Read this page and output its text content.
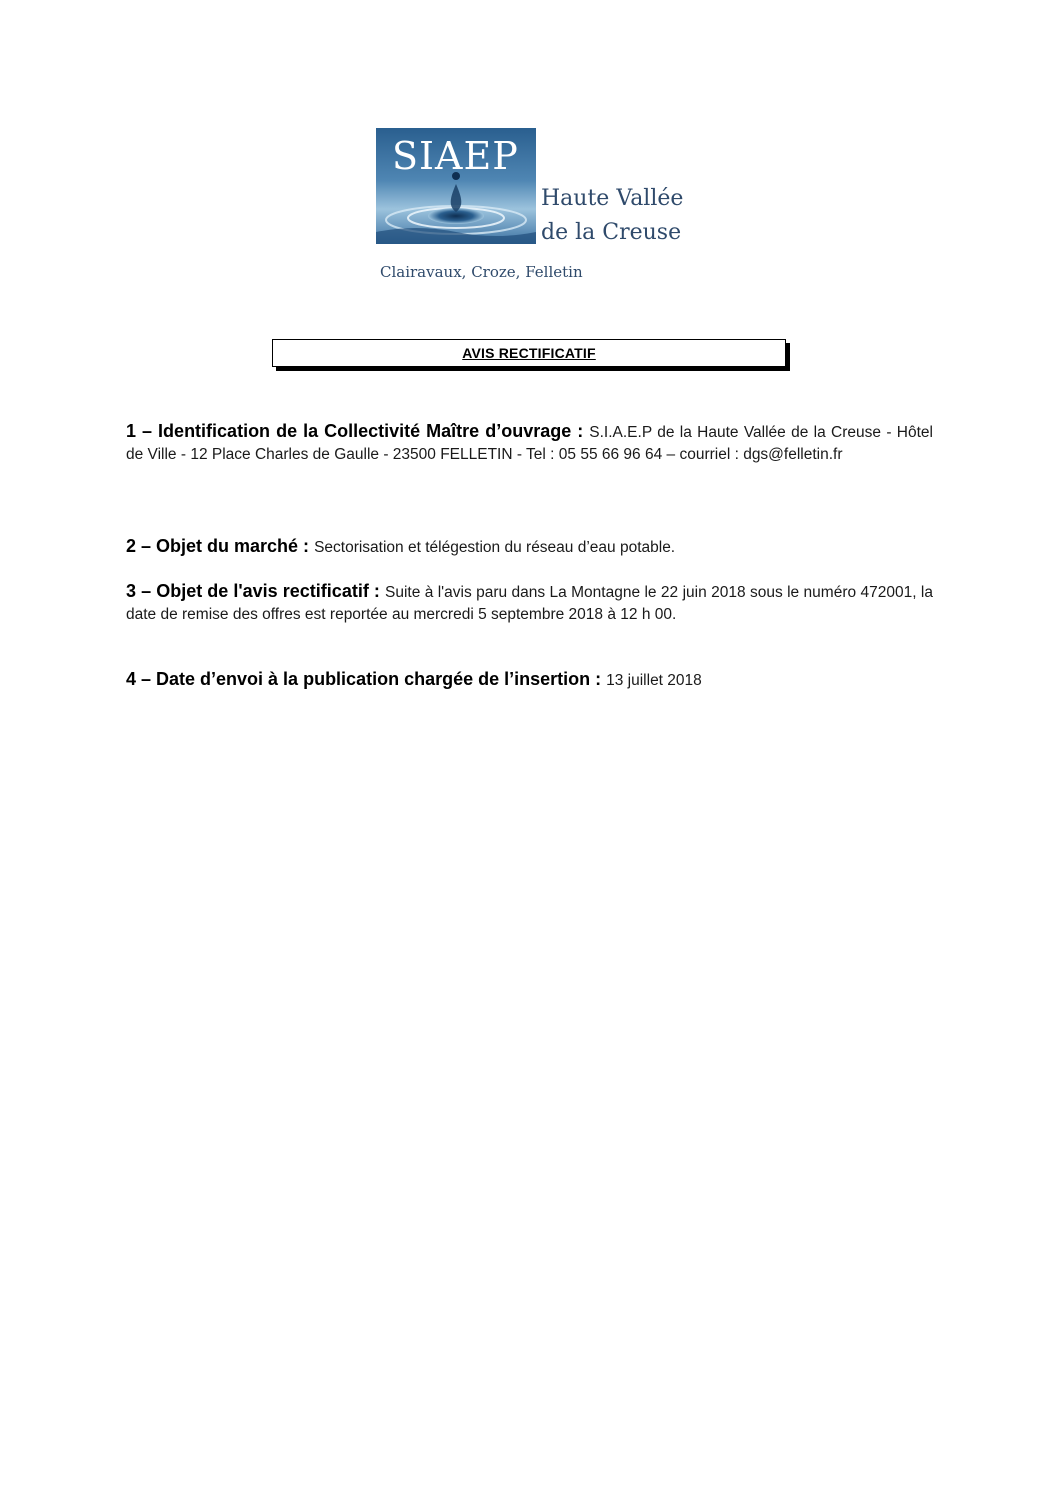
SIAEP
Haute Vallée
de la Creuse
Clairavaux, Croze, Felletin
AVIS RECTIFICATIF
1 – Identification de la Collectivité Maître d’ouvrage : S.I.A.E.P de la Haute Vallée de la Creuse - Hôtel de Ville - 12 Place Charles de Gaulle - 23500 FELLETIN - Tel : 05 55 66 96 64 – courriel : dgs@felletin.fr
2 – Objet du marché : Sectorisation et télégestion du réseau d’eau potable.
3 – Objet de l'avis rectificatif : Suite à l'avis paru dans La Montagne le 22 juin 2018 sous le numéro 472001, la date de remise des offres est reportée au mercredi 5 septembre 2018 à 12 h 00.
4 – Date d’envoi à la publication chargée de l’insertion : 13 juillet 2018
